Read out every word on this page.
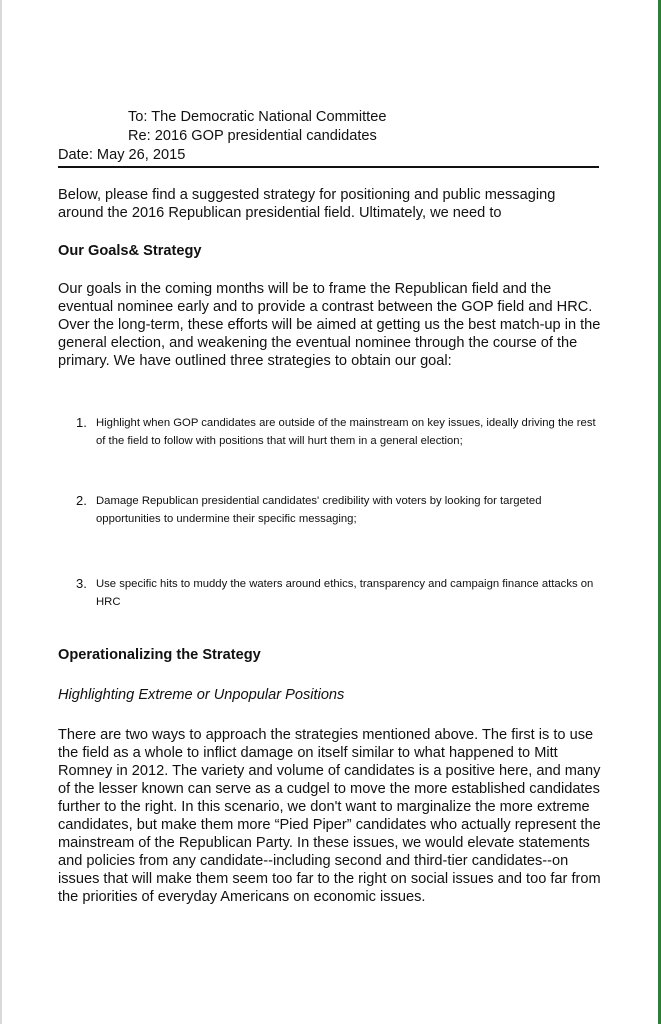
To: The Democratic National Committee
Re: 2016 GOP presidential candidates
Date: May 26, 2015

Below, please find a suggested strategy for positioning and public messaging around the 2016 Republican presidential field. Ultimately, we need to

Our Goals& Strategy

Our goals in the coming months will be to frame the Republican field and the eventual nominee early and to provide a contrast between the GOP field and HRC. Over the long-term, these efforts will be aimed at getting us the best match-up in the general election, and weakening the eventual nominee through the course of the primary. We have outlined three strategies to obtain our goal:

1. Highlight when GOP candidates are outside of the mainstream on key issues, ideally driving the rest of the field to follow with positions that will hurt them in a general election;
2. Damage Republican presidential candidates' credibility with voters by looking for targeted opportunities to undermine their specific messaging;
3. Use specific hits to muddy the waters around ethics, transparency and campaign finance attacks on HRC

Operationalizing the Strategy

Highlighting Extreme or Unpopular Positions

There are two ways to approach the strategies mentioned above. The first is to use the field as a whole to inflict damage on itself similar to what happened to Mitt Romney in 2012. The variety and volume of candidates is a positive here, and many of the lesser known can serve as a cudgel to move the more established candidates further to the right. In this scenario, we don't want to marginalize the more extreme candidates, but make them more “Pied Piper” candidates who actually represent the mainstream of the Republican Party. In these issues, we would elevate statements and policies from any candidate--including second and third-tier candidates--on issues that will make them seem too far to the right on social issues and too far from the priorities of everyday Americans on economic issues.
